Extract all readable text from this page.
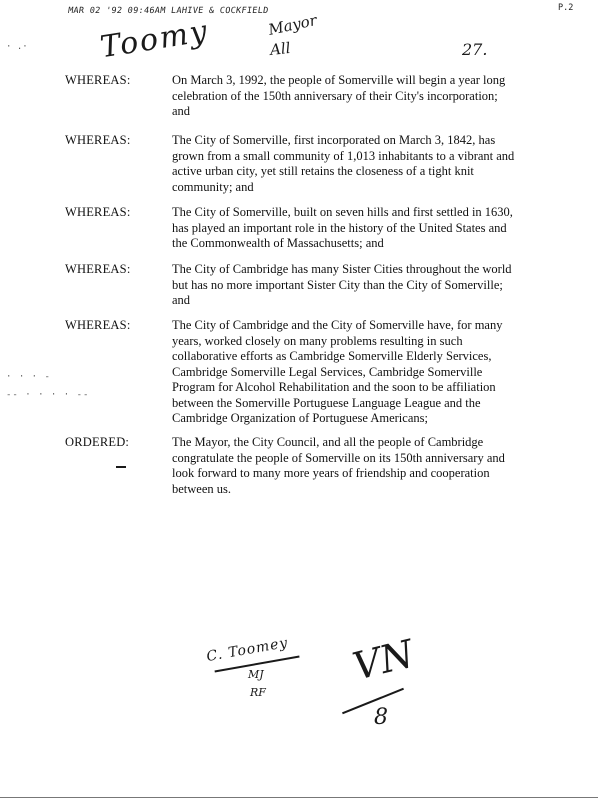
MAR 02 '92 09:46AM LAHIVE & COCKFIELD	P.2
Toomy	Mayor
All	27.
· .·
· · · -
-- · · · · --
WHEREAS:	On March 3, 1992, the people of Somerville will begin a year long
celebration of the 150th anniversary of their City's incorporation;
and
WHEREAS:	The City of Somerville, first incorporated on March 3, 1842, has
grown from a small community of 1,013 inhabitants to a vibrant and
active urban city, yet still retains the closeness of a tight knit
community; and
WHEREAS:	The City of Somerville, built on seven hills and first settled in 1630,
has played an important role in the history of the United States and
the Commonwealth of Massachusetts; and
WHEREAS:	The City of Cambridge has many Sister Cities throughout the world
but has no more important Sister City than the City of Somerville;
and
WHEREAS:	The City of Cambridge and the City of Somerville have, for many
years, worked closely on many problems resulting in such
collaborative efforts as Cambridge Somerville Elderly Services,
Cambridge Somerville Legal Services, Cambridge Somerville
Program for Alcohol Rehabilitation and the soon to be affiliation
between the Somerville Portuguese Language League and the
Cambridge Organization of Portuguese Americans;
ORDERED:	The Mayor, the City Council, and all the people of Cambridge
congratulate the people of Somerville on its 150th anniversary and
look forward to many more years of friendship and cooperation
between us.
C. Toomey
MJ
RF
VN
8
